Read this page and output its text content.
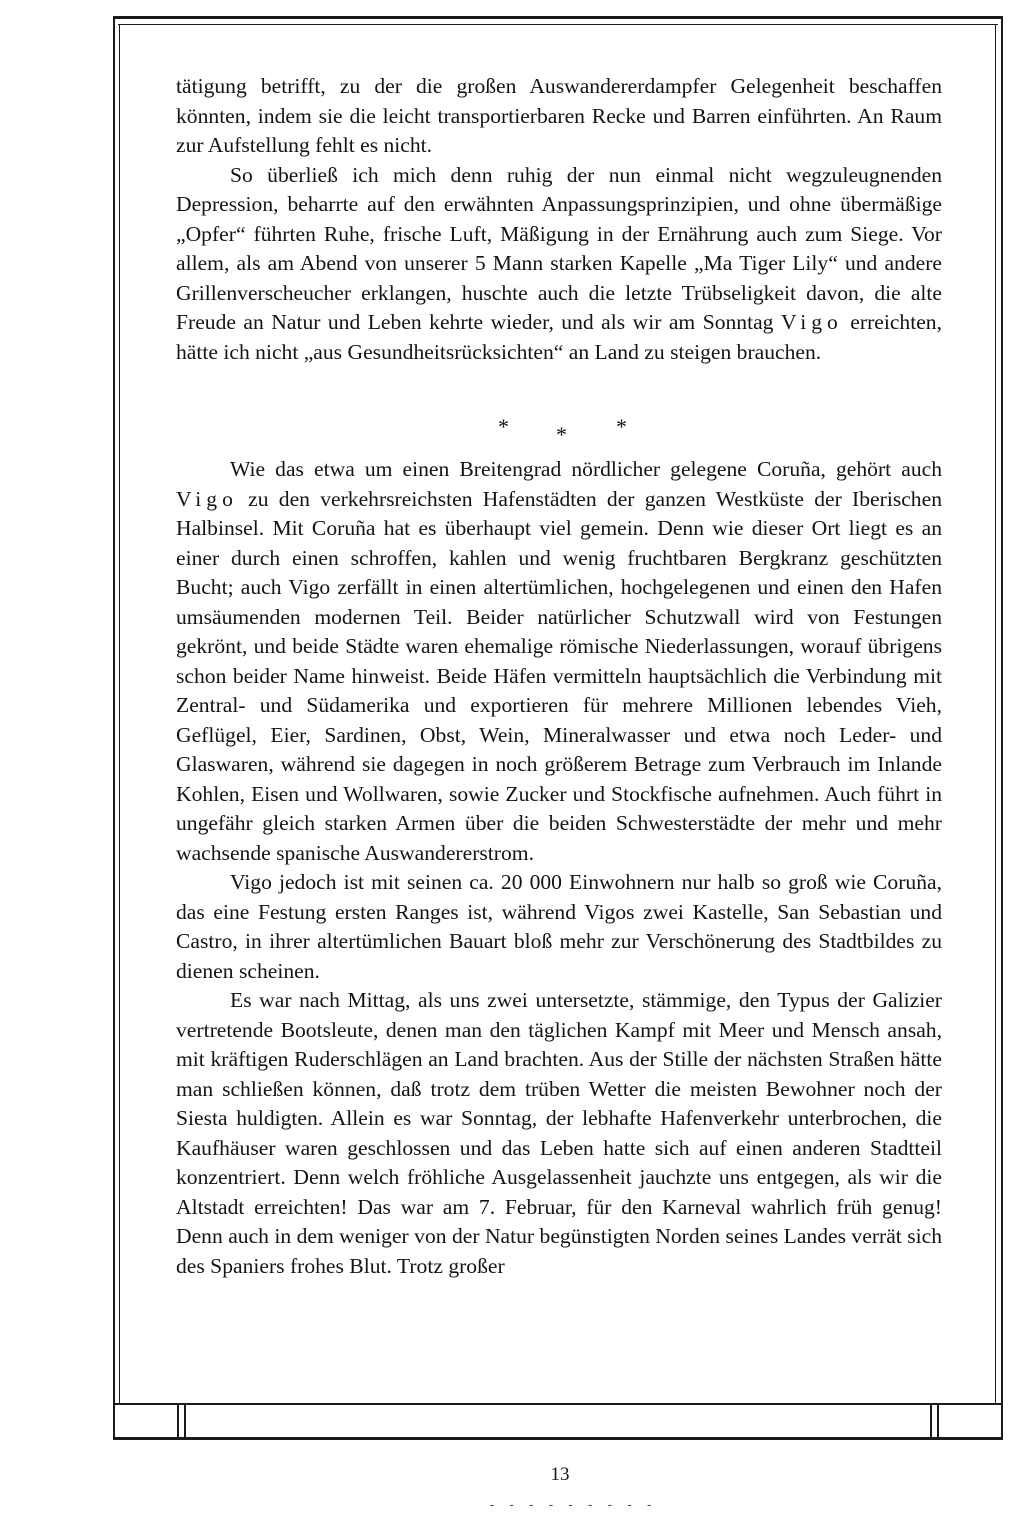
tätigung betrifft, zu der die großen Auswandererdampfer Gelegenheit beschaffen könnten, indem sie die leicht transportierbaren Recke und Barren einführten. An Raum zur Aufstellung fehlt es nicht.

So überließ ich mich denn ruhig der nun einmal nicht wegzuleugnenden Depression, beharrte auf den erwähnten Anpassungsprinzipien, und ohne übermäßige „Opfer“ führten Ruhe, frische Luft, Mäßigung in der Ernährung auch zum Siege. Vor allem, als am Abend von unserer 5 Mann starken Kapelle „Ma Tiger Lily“ und andere Grillenverscheucher erklangen, huschte auch die letzte Trübseligkeit davon, die alte Freude an Natur und Leben kehrte wieder, und als wir am Sonntag Vigo erreichten, hätte ich nicht „aus Gesundheitsrücksichten“ an Land zu steigen brauchen.

Wie das etwa um einen Breitengrad nördlicher gelegene Coruña, gehört auch Vigo zu den verkehrsreichsten Hafenstädten der ganzen Westküste der Iberischen Halbinsel. Mit Coruña hat es überhaupt viel gemein. Denn wie dieser Ort liegt es an einer durch einen schroffen, kahlen und wenig fruchtbaren Bergkranz geschützten Bucht; auch Vigo zerfällt in einen altertümlichen, hochgelegenen und einen den Hafen umsäumenden modernen Teil. Beider natürlicher Schutzwall wird von Festungen gekrönt, und beide Städte waren ehemalige römische Niederlassungen, worauf übrigens schon beider Name hinweist. Beide Häfen vermitteln hauptsächlich die Verbindung mit Zentral- und Südamerika und exportieren für mehrere Millionen lebendes Vieh, Geflügel, Eier, Sardinen, Obst, Wein, Mineralwasser und etwa noch Leder- und Glaswaren, während sie dagegen in noch größerem Betrage zum Verbrauch im Inlande Kohlen, Eisen und Wollwaren, sowie Zucker und Stockfische aufnehmen. Auch führt in ungefähr gleich starken Armen über die beiden Schwesterstädte der mehr und mehr wachsende spanische Auswandererstrom.

Vigo jedoch ist mit seinen ca. 20 000 Einwohnern nur halb so groß wie Coruña, das eine Festung ersten Ranges ist, während Vigos zwei Kastelle, San Sebastian und Castro, in ihrer altertümlichen Bauart bloß mehr zur Verschönerung des Stadtbildes zu dienen scheinen.

Es war nach Mittag, als uns zwei untersetzte, stämmige, den Typus der Galizier vertretende Bootsleute, denen man den täglichen Kampf mit Meer und Mensch ansah, mit kräftigen Ruderschlägen an Land brachten. Aus der Stille der nächsten Straßen hätte man schließen können, daß trotz dem trüben Wetter die meisten Bewohner noch der Siesta huldigten. Allein es war Sonntag, der lebhafte Hafenverkehr unterbrochen, die Kaufhäuser waren geschlossen und das Leben hatte sich auf einen anderen Stadtteil konzentriert. Denn welch fröhliche Ausgelassenheit jauchzte uns entgegen, als wir die Altstadt erreichten! Das war am 7. Februar, für den Karneval wahrlich früh genug! Denn auch in dem weniger von der Natur begünstigten Norden seines Landes verrät sich des Spaniers frohes Blut. Trotz großer

* * *
13
- - - - - - - - -
